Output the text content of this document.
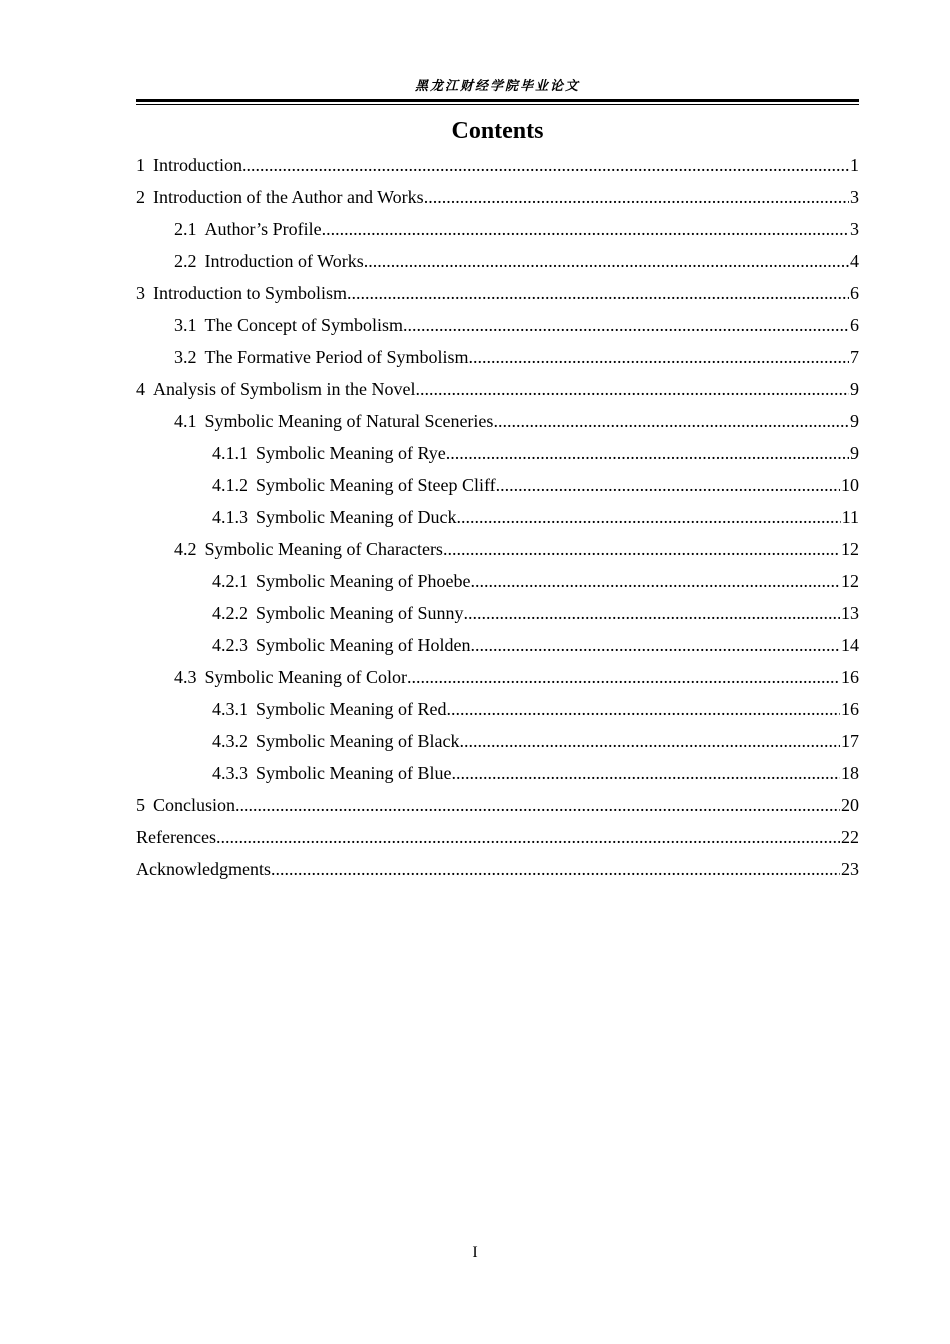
黑龙江财经学院毕业论文
Contents
1 Introduction .....	1
2 Introduction of the Author and Works .....	3
2.1 Author’s Profile .....	3
2.2 Introduction of Works .....	4
3 Introduction to Symbolism .....	6
3.1 The Concept of Symbolism .....	6
3.2 The Formative Period of Symbolism .....	7
4 Analysis of Symbolism in the Novel .....	9
4.1 Symbolic Meaning of Natural Sceneries .....	9
4.1.1 Symbolic Meaning of Rye .....	9
4.1.2 Symbolic Meaning of Steep Cliff .....	10
4.1.3 Symbolic Meaning of Duck .....	11
4.2 Symbolic Meaning of Characters .....	12
4.2.1 Symbolic Meaning of Phoebe .....	12
4.2.2 Symbolic Meaning of Sunny .....	13
4.2.3 Symbolic Meaning of Holden .....	14
4.3 Symbolic Meaning of Color .....	16
4.3.1 Symbolic Meaning of Red .....	16
4.3.2 Symbolic Meaning of Black .....	17
4.3.3 Symbolic Meaning of Blue .....	18
5 Conclusion .....	20
References .....	22
Acknowledgments .....	23
I
